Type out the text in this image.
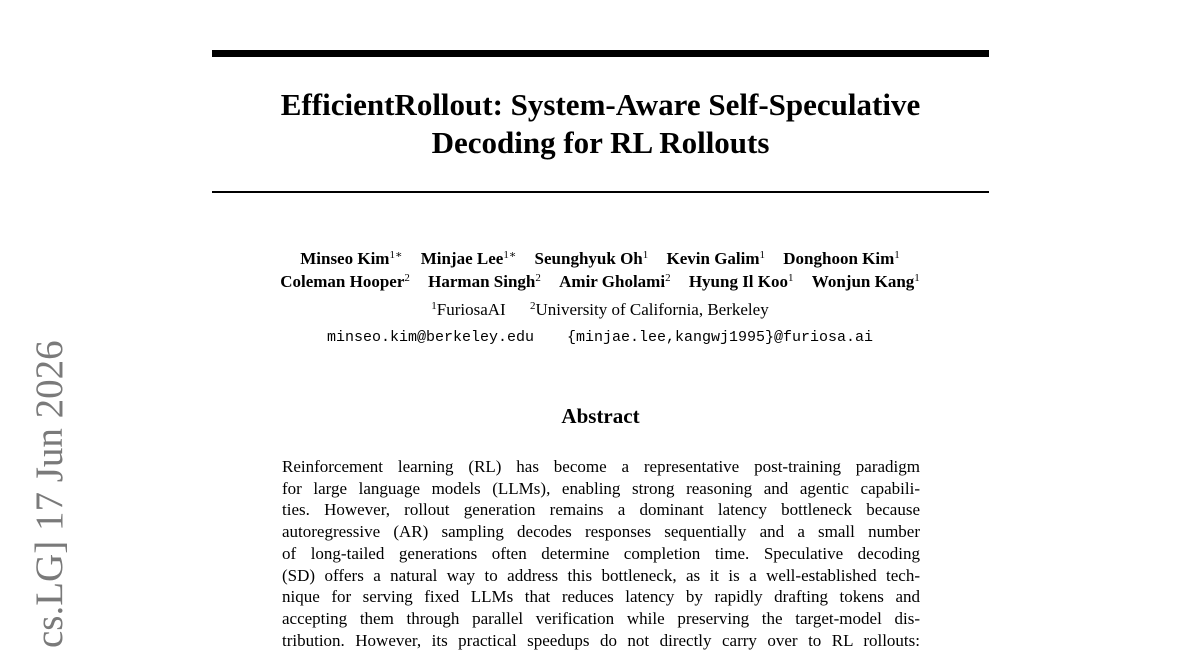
EfficientRollout: System-Aware Self-Speculative
Decoding for RL Rollouts
Minseo Kim$^{1∗}$ Minjae Lee$^{1∗}$ Seunghyuk Oh$^1$ Kevin Galim$^1$ Donghoon Kim$^1$
Coleman Hooper$^2$ Harman Singh$^2$ Amir Gholami$^2$ Hyung Il Koo$^1$ Wonjun Kang$^1$
$^1$FuriosaAI $^2$University of California, Berkeley
minseo.kim@berkeley.edu {minjae.lee,kangwj1995}@furiosa.ai
Abstract
Reinforcement learning (RL) has become a representative post-training paradigm
for large language models (LLMs), enabling strong reasoning and agentic capabili-
ties. However, rollout generation remains a dominant latency bottleneck because
autoregressive (AR) sampling decodes responses sequentially and a small number
of long-tailed generations often determine completion time. Speculative decoding
(SD) offers a natural way to address this bottleneck, as it is a well-established tech-
nique for serving fixed LLMs that reduces latency by rapidly drafting tokens and
accepting them through parallel verification while preserving the target-model dis-
tribution. However, its practical speedups do not directly carry over to RL rollouts:
cs.LG] 17 Jun 2026
